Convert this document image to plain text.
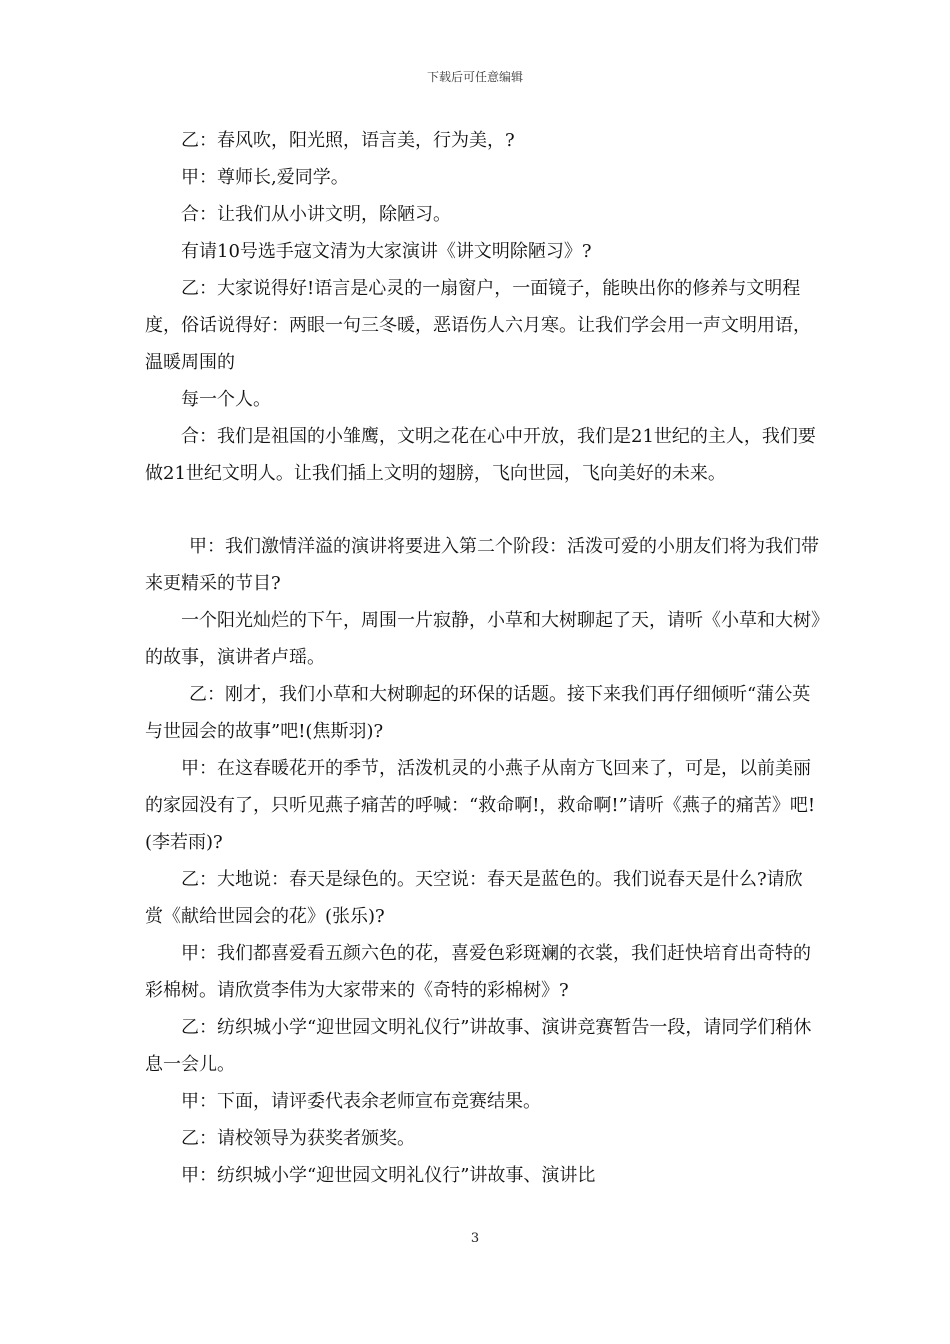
下载后可任意编辑

乙：春风吹，阳光照，语言美，行为美，?

甲：尊师长,爱同学。

合：让我们从小讲文明，除陋习。

有请10号选手寇文清为大家演讲《讲文明除陋习》?

乙：大家说得好!语言是心灵的一扇窗户，一面镜子，能映出你的修养与文明程度，俗话说得好：两眼一句三冬暖，恶语伤人六月寒。让我们学会用一声文明用语，温暖周围的

每一个人。

合：我们是祖国的小雏鹰，文明之花在心中开放，我们是21世纪的主人，我们要做21世纪文明人。让我们插上文明的翅膀，飞向世园，飞向美好的未来。

甲：我们激情洋溢的演讲将要进入第二个阶段：活泼可爱的小朋友们将为我们带来更精采的节目?

一个阳光灿烂的下午，周围一片寂静，小草和大树聊起了天，请听《小草和大树》的故事，演讲者卢瑶。

乙：刚才，我们小草和大树聊起的环保的话题。接下来我们再仔细倾听“蒲公英与世园会的故事”吧!(焦斯羽)?

甲：在这春暖花开的季节，活泼机灵的小燕子从南方飞回来了，可是，以前美丽的家园没有了，只听见燕子痛苦的呼喊：“救命啊!，救命啊!”请听《燕子的痛苦》吧!(李若雨)?

乙：大地说：春天是绿色的。天空说：春天是蓝色的。我们说春天是什么?请欣赏《献给世园会的花》(张乐)?

甲：我们都喜爱看五颜六色的花，喜爱色彩斑斓的衣裳，我们赶快培育出奇特的彩棉树。请欣赏李伟为大家带来的《奇特的彩棉树》?

乙：纺织城小学“迎世园文明礼仪行”讲故事、演讲竞赛暂告一段，请同学们稍休息一会儿。

甲：下面，请评委代表余老师宣布竞赛结果。

乙：请校领导为获奖者颁奖。

甲：纺织城小学“迎世园文明礼仪行”讲故事、演讲比

3
